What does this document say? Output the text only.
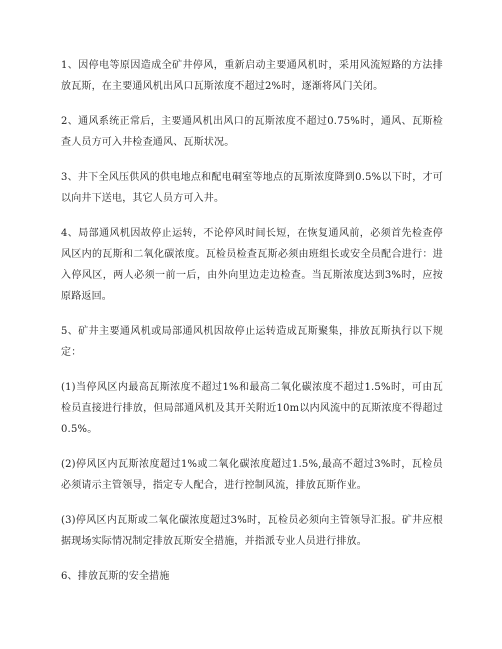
1、因停电等原因造成全矿井停风，重新启动主要通风机时，采用风流短路的方法排放瓦斯，在主要通风机出风口瓦斯浓度不超过2%时，逐渐将风门关闭。

2、通风系统正常后，主要通风机出风口的瓦斯浓度不超过0.75%时，通风、瓦斯检查人员方可入井检查通风、瓦斯状况。

3、井下全风压供风的供电地点和配电硐室等地点的瓦斯浓度降到0.5%以下时，才可以向井下送电，其它人员方可入井。

4、局部通风机因故停止运转，不论停风时间长短，在恢复通风前，必须首先检查停风区内的瓦斯和二氧化碳浓度。瓦检员检查瓦斯必须由班组长或安全员配合进行：进入停风区，两人必须一前一后，由外向里边走边检查。当瓦斯浓度达到3%时，应按原路返回。

5、矿井主要通风机或局部通风机因故停止运转造成瓦斯聚集，排放瓦斯执行以下规定：

(1)当停风区内最高瓦斯浓度不超过1%和最高二氧化碳浓度不超过1.5%时，可由瓦检员直接进行排放，但局部通风机及其开关附近10m以内风流中的瓦斯浓度不得超过0.5%。

(2)停风区内瓦斯浓度超过1%或二氧化碳浓度超过1.5%,最高不超过3%时，瓦检员必须请示主管领导，指定专人配合，进行控制风流，排放瓦斯作业。

(3)停风区内瓦斯或二氧化碳浓度超过3%时，瓦检员必须向主管领导汇报。矿井应根据现场实际情况制定排放瓦斯安全措施，并指派专业人员进行排放。

6、排放瓦斯的安全措施
